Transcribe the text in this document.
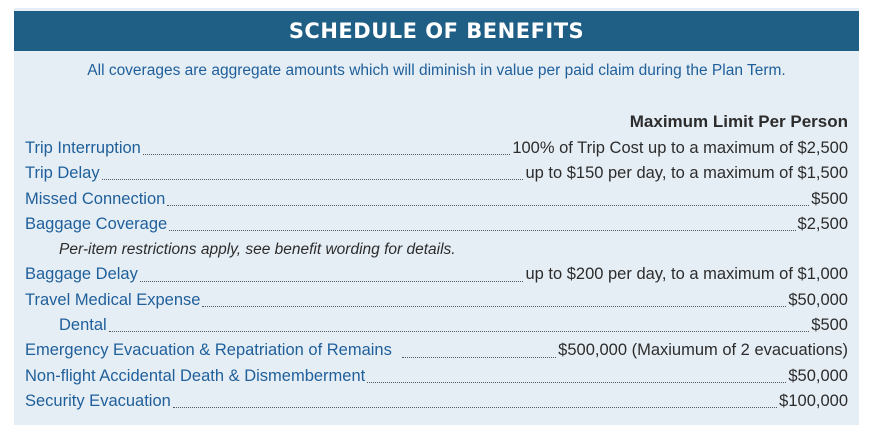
SCHEDULE OF BENEFITS
All coverages are aggregate amounts which will diminish in value per paid claim during the Plan Term.
Maximum Limit Per Person
Trip Interruption	100% of Trip Cost up to a maximum of $2,500
Trip Delay	up to $150 per day, to a maximum of $1,500
Missed Connection	$500
Baggage Coverage	$2,500
Per-item restrictions apply, see benefit wording for details.
Baggage Delay	up to $200 per day, to a maximum of $1,000
Travel Medical Expense	$50,000
Dental	$500
Emergency Evacuation & Repatriation of Remains	$500,000 (Maxiumum of 2 evacuations)
Non-flight Accidental Death & Dismemberment	$50,000
Security Evacuation	$100,000
